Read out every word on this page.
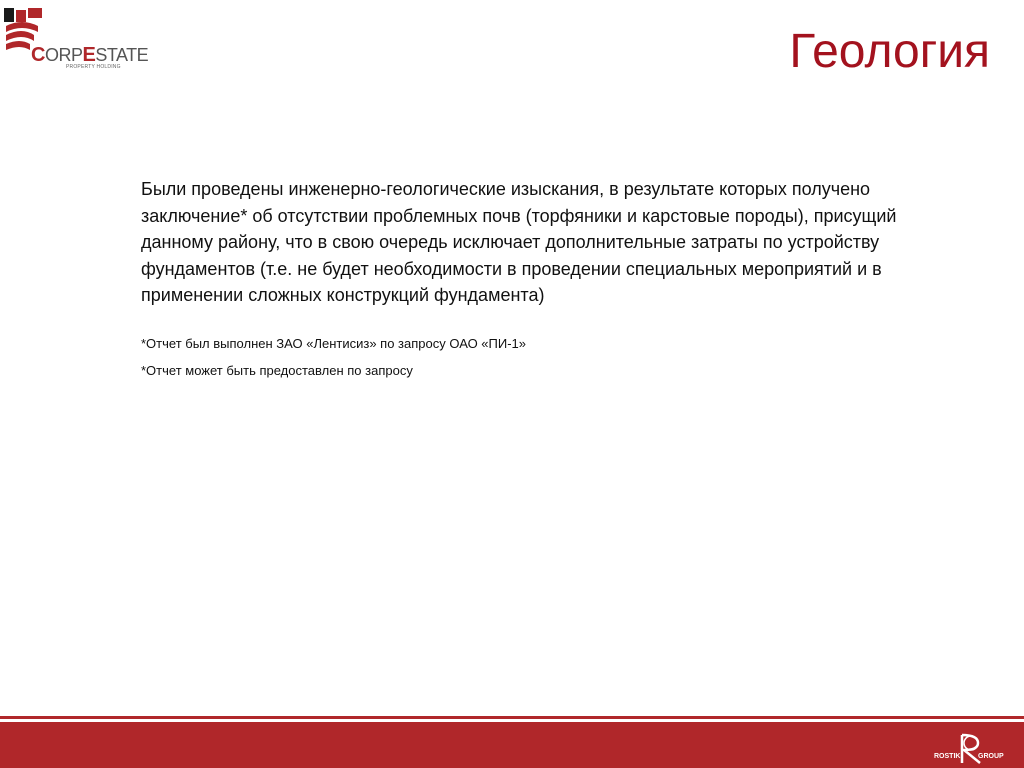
CORPESTATE
PROPERTY HOLDING	Геология

Были проведены инженерно-геологические изыскания, в результате которых получено заключение* об отсутствии проблемных почв (торфяники и карстовые породы), присущий данному району, что в свою очередь исключает дополнительные затраты по устройству фундаментов (т.е. не будет необходимости в проведении специальных мероприятий и в применении сложных конструкций фундамента)

*Отчет был выполнен ЗАО «Лентисиз» по запросу ОАО «ПИ-1»

*Отчет может быть предоставлен по запросу

ROSTIK	GROUP
